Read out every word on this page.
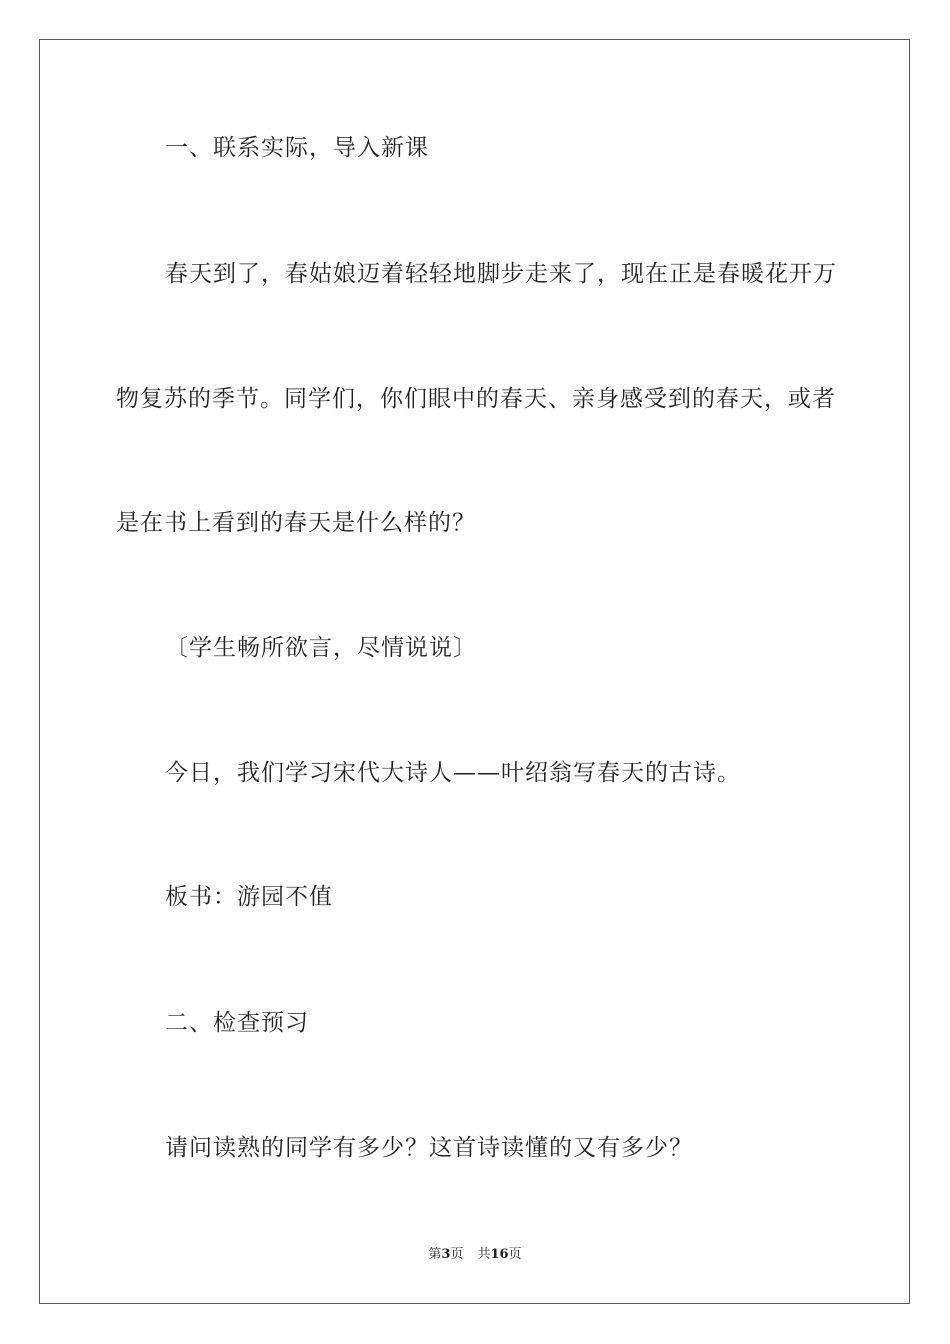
一、联系实际，导入新课
春天到了，春姑娘迈着轻轻地脚步走来了，现在正是春暖花开万
物复苏的季节。同学们，你们眼中的春天、亲身感受到的春天，或者
是在书上看到的春天是什么样的？
〔学生畅所欲言，尽情说说〕
今日，我们学习宋代大诗人——叶绍翁写春天的古诗。
板书：游园不值
二、检查预习
请问读熟的同学有多少？这首诗读懂的又有多少？
第3页 共16页
